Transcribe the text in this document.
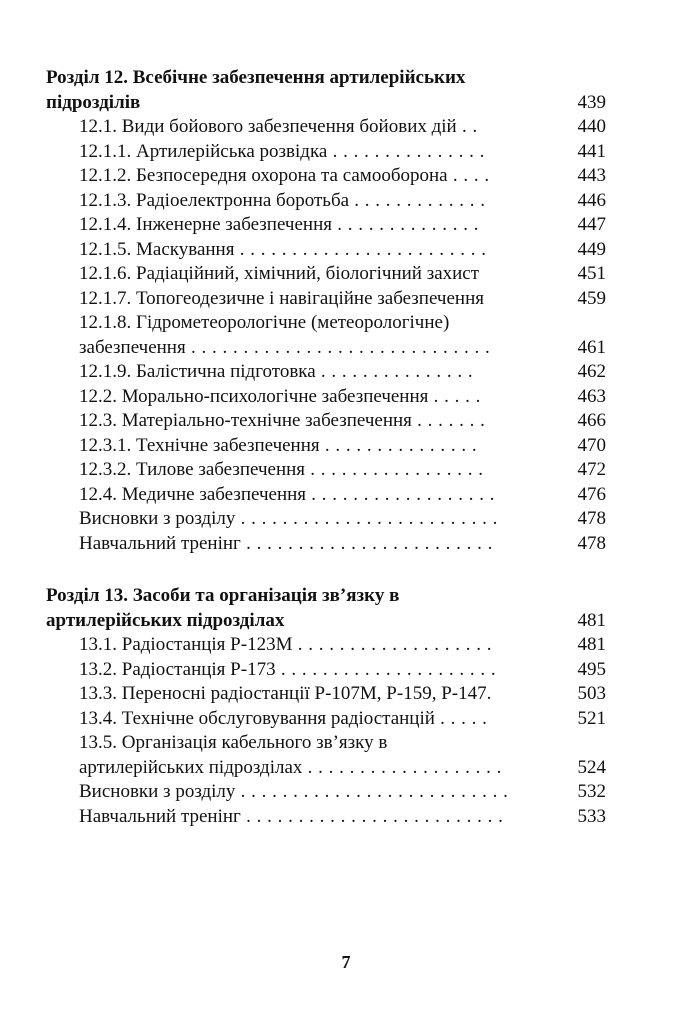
Розділ 12. Всебічне забезпечення артилерійських
підрозділів	439
12.1. Види бойового забезпечення бойових дій . .	440
12.1.1. Артилерійська розвідка . . . . . . . . . . . . . . .	441
12.1.2. Безпосередня охорона та самооборона . . . .	443
12.1.3. Радіоелектронна боротьба . . . . . . . . . . . . .	446
12.1.4. Інженерне забезпечення . . . . . . . . . . . . . .	447
12.1.5. Маскування . . . . . . . . . . . . . . . . . . . . . . . .	449
12.1.6. Радіаційний, хімічний, біологічний захист	451
12.1.7. Топогеодезичне і навігаційне забезпечення	459
12.1.8. Гідрометеорологічне (метеорологічне)
забезпечення . . . . . . . . . . . . . . . . . . . . . . . . . . . . .	461
12.1.9. Балістична підготовка . . . . . . . . . . . . . . .	462
12.2. Морально-психологічне забезпечення . . . . .	463
12.3. Матеріально-технічне забезпечення . . . . . . .	466
12.3.1. Технічне забезпечення . . . . . . . . . . . . . . .	470
12.3.2. Тилове забезпечення . . . . . . . . . . . . . . . . .	472
12.4. Медичне забезпечення . . . . . . . . . . . . . . . . . .	476
Висновки з розділу . . . . . . . . . . . . . . . . . . . . . . . . .	478
Навчальний тренінг . . . . . . . . . . . . . . . . . . . . . . . .	478
Розділ 13. Засоби та організація зв’язку в
артилерійських підрозділах	481
13.1. Радіостанція Р-123М . . . . . . . . . . . . . . . . . . .	481
13.2. Радіостанція Р-173 . . . . . . . . . . . . . . . . . . . . .	495
13.3. Переносні радіостанції Р-107М, Р-159, Р-147.	503
13.4. Технічне обслуговування радіостанцій . . . . .	521
13.5. Організація кабельного зв’язку в
артилерійських підрозділах . . . . . . . . . . . . . . . . . . .	524
Висновки з розділу . . . . . . . . . . . . . . . . . . . . . . . . . .	532
Навчальний тренінг . . . . . . . . . . . . . . . . . . . . . . . . .	533
7
